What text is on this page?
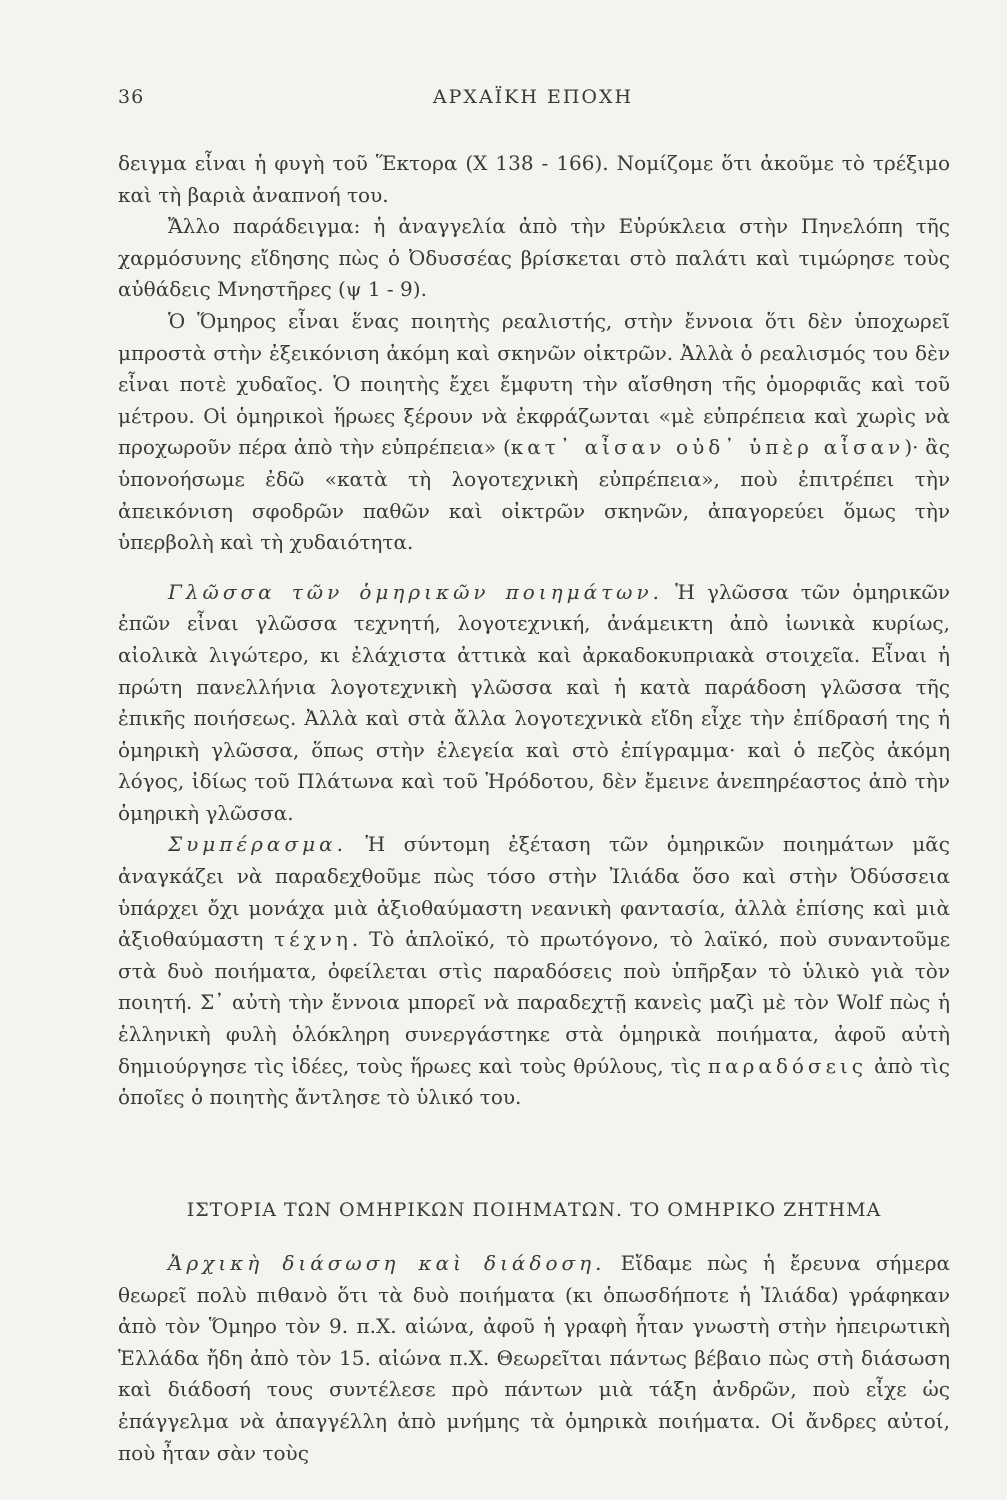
36	ΑΡΧΑΪΚΗ ΕΠΟΧΗ

δειγμα εἶναι ἡ φυγὴ τοῦ Ἕκτορα (Χ 138 - 166). Νομίζομε ὅτι ἀκοῦμε τὸ τρέξιμο καὶ τὴ βαριὰ ἀναπνοή του.

Ἄλλο παράδειγμα: ἡ ἀναγγελία ἀπὸ τὴν Εὐρύκλεια στὴν Πηνελόπη τῆς χαρμόσυνης εἴδησης πὼς ὁ Ὀδυσσέας βρίσκεται στὸ παλάτι καὶ τιμώρησε τοὺς αὐθάδεις Μνηστῆρες (ψ 1 - 9).

Ὁ Ὅμηρος εἶναι ἕνας ποιητὴς ρεαλιστής, στὴν ἔννοια ὅτι δὲν ὑποχωρεῖ μπροστὰ στὴν ἐξεικόνιση ἀκόμη καὶ σκηνῶν οἰκτρῶν. Ἀλλὰ ὁ ρεαλισμός του δὲν εἶναι ποτὲ χυδαῖος. Ὁ ποιητὴς ἔχει ἔμφυτη τὴν αἴσθηση τῆς ὀμορφιᾶς καὶ τοῦ μέτρου. Οἱ ὁμηρικοὶ ἥρωες ξέρουν νὰ ἐκφράζωνται «μὲ εὐπρέπεια καὶ χωρὶς νὰ προχωροῦν πέρα ἀπὸ τὴν εὐπρέπεια» (κατ᾽ αἶσαν οὐδ᾽ ὑπὲρ αἶσαν)· ἂς ὑπονοήσωμε ἐδῶ «κατὰ τὴ λογοτεχνικὴ εὐπρέπεια», ποὺ ἐπιτρέπει τὴν ἀπεικόνιση σφοδρῶν παθῶν καὶ οἰκτρῶν σκηνῶν, ἀπαγορεύει ὅμως τὴν ὑπερβολὴ καὶ τὴ χυδαιότητα.

Γλῶσσα τῶν ὁμηρικῶν ποιημάτων. Ἡ γλῶσσα τῶν ὁμηρικῶν ἐπῶν εἶναι γλῶσσα τεχνητή, λογοτεχνική, ἀνάμεικτη ἀπὸ ἰωνικὰ κυρίως, αἰολικὰ λιγώτερο, κι ἐλάχιστα ἀττικὰ καὶ ἀρκαδοκυπριακὰ στοιχεῖα. Εἶναι ἡ πρώτη πανελλήνια λογοτεχνικὴ γλῶσσα καὶ ἡ κατὰ παράδοση γλῶσσα τῆς ἐπικῆς ποιήσεως. Ἀλλὰ καὶ στὰ ἄλλα λογοτεχνικὰ εἴδη εἶχε τὴν ἐπίδρασή της ἡ ὁμηρικὴ γλῶσσα, ὅπως στὴν ἐλεγεία καὶ στὸ ἐπίγραμμα· καὶ ὁ πεζὸς ἀκόμη λόγος, ἰδίως τοῦ Πλάτωνα καὶ τοῦ Ἡρόδοτου, δὲν ἔμεινε ἀνεπηρέαστος ἀπὸ τὴν ὁμηρικὴ γλῶσσα.

Συμπέρασμα. Ἡ σύντομη ἐξέταση τῶν ὁμηρικῶν ποιημάτων μᾶς ἀναγκάζει νὰ παραδεχθοῦμε πὼς τόσο στὴν Ἰλιάδα ὅσο καὶ στὴν Ὀδύσσεια ὑπάρχει ὄχι μονάχα μιὰ ἀξιοθαύμαστη νεανικὴ φαντασία, ἀλλὰ ἐπίσης καὶ μιὰ ἀξιοθαύμαστη τέχνη. Τὸ ἁπλοϊκό, τὸ πρωτόγονο, τὸ λαϊκό, ποὺ συναντοῦμε στὰ δυὸ ποιήματα, ὀφείλεται στὶς παραδόσεις ποὺ ὑπῆρξαν τὸ ὑλικὸ γιὰ τὸν ποιητή. Σ᾽ αὐτὴ τὴν ἔννοια μπορεῖ νὰ παραδεχτῇ κανεὶς μαζὶ μὲ τὸν Wolf πὼς ἡ ἑλληνικὴ φυλὴ ὁλόκληρη συνεργάστηκε στὰ ὁμηρικὰ ποιήματα, ἀφοῦ αὐτὴ δημιούργησε τὶς ἰδέες, τοὺς ἥρωες καὶ τοὺς θρύλους, τὶς παραδόσεις ἀπὸ τὶς ὁποῖες ὁ ποιητὴς ἄντλησε τὸ ὑλικό του.

ΙΣΤΟΡΙΑ ΤΩΝ ΟΜΗΡΙΚΩΝ ΠΟΙΗΜΑΤΩΝ. ΤΟ ΟΜΗΡΙΚΟ ΖΗΤΗΜΑ

Ἀρχικὴ διάσωση καὶ διάδοση. Εἴδαμε πὼς ἡ ἔρευνα σήμερα θεωρεῖ πολὺ πιθανὸ ὅτι τὰ δυὸ ποιήματα (κι ὁπωσδήποτε ἡ Ἰλιάδα) γράφηκαν ἀπὸ τὸν Ὅμηρο τὸν 9. π.Χ. αἰώνα, ἀφοῦ ἡ γραφὴ ἦταν γνωστὴ στὴν ἠπειρωτικὴ Ἑλλάδα ἤδη ἀπὸ τὸν 15. αἰώνα π.Χ. Θεωρεῖται πάντως βέβαιο πὼς στὴ διάσωση καὶ διάδοσή τους συντέλεσε πρὸ πάντων μιὰ τάξη ἀνδρῶν, ποὺ εἶχε ὡς ἐπάγγελμα νὰ ἀπαγγέλλη ἀπὸ μνήμης τὰ ὁμηρικὰ ποιήματα. Οἱ ἄνδρες αὐτοί, ποὺ ἦταν σὰν τοὺς
